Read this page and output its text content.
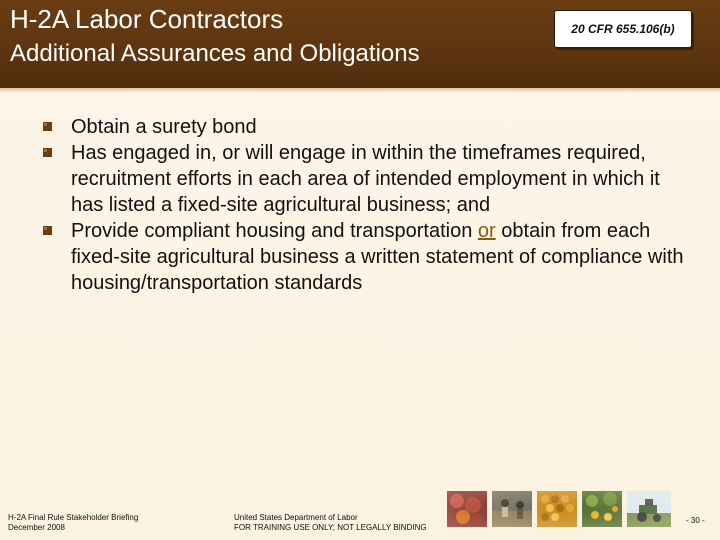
H-2A Labor Contractors
Additional Assurances and Obligations
20 CFR 655.106(b)
Obtain a surety bond
Has engaged in, or will engage in within the timeframes required, recruitment efforts in each area of intended employment in which it has listed a fixed-site agricultural business; and
Provide compliant housing and transportation or obtain from each fixed-site agricultural business a written statement of compliance with housing/transportation standards
H-2A Final Rule Stakeholder Briefing
December 2008
United States Department of Labor
FOR TRAINING USE ONLY; NOT LEGALLY BINDING
- 30 -
